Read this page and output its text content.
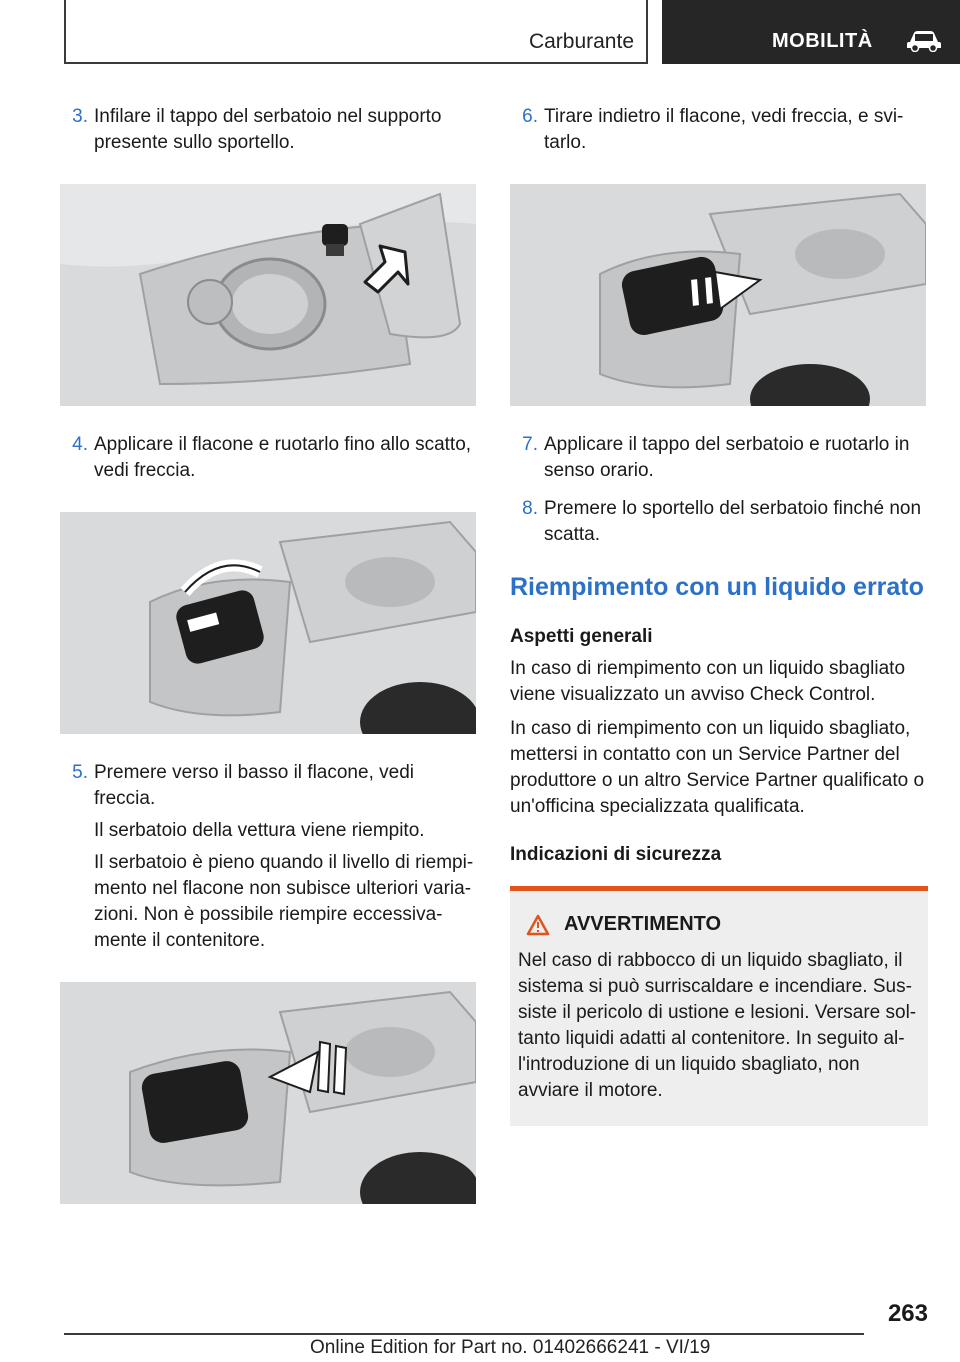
Carburante	MOBILITÀ
3. Infilare il tappo del serbatoio nel supporto presente sullo sportello.

4. Applicare il flacone e ruotarlo fino allo scatto, vedi freccia.

5. Premere verso il basso il flacone, vedi freccia.

Il serbatoio della vettura viene riempito.

Il serbatoio è pieno quando il livello di riempi-mento nel flacone non subisce ulteriori varia-zioni. Non è possibile riempire eccessiva-mente il contenitore.

6. Tirare indietro il flacone, vedi freccia, e svi-tarlo.

7. Applicare il tappo del serbatoio e ruotarlo in senso orario.

8. Premere lo sportello del serbatoio finché non scatta.

Riempimento con un liquido errato
Aspetti generali

In caso di riempimento con un liquido sbagliato viene visualizzato un avviso Check Control.

In caso di riempimento con un liquido sbagliato, mettersi in contatto con un Service Partner del produttore o un altro Service Partner qualificato o un'officina specializzata qualificata.

Indicazioni di sicurezza
AVVERTIMENTO
Nel caso di rabbocco di un liquido sbagliato, il sistema si può surriscaldare e incendiare. Sus-siste il pericolo di ustione e lesioni. Versare sol-tanto liquidi adatti al contenitore. In seguito al-l'introduzione di un liquido sbagliato, non avviare il motore.
263
Online Edition for Part no. 01402666241 - VI/19
